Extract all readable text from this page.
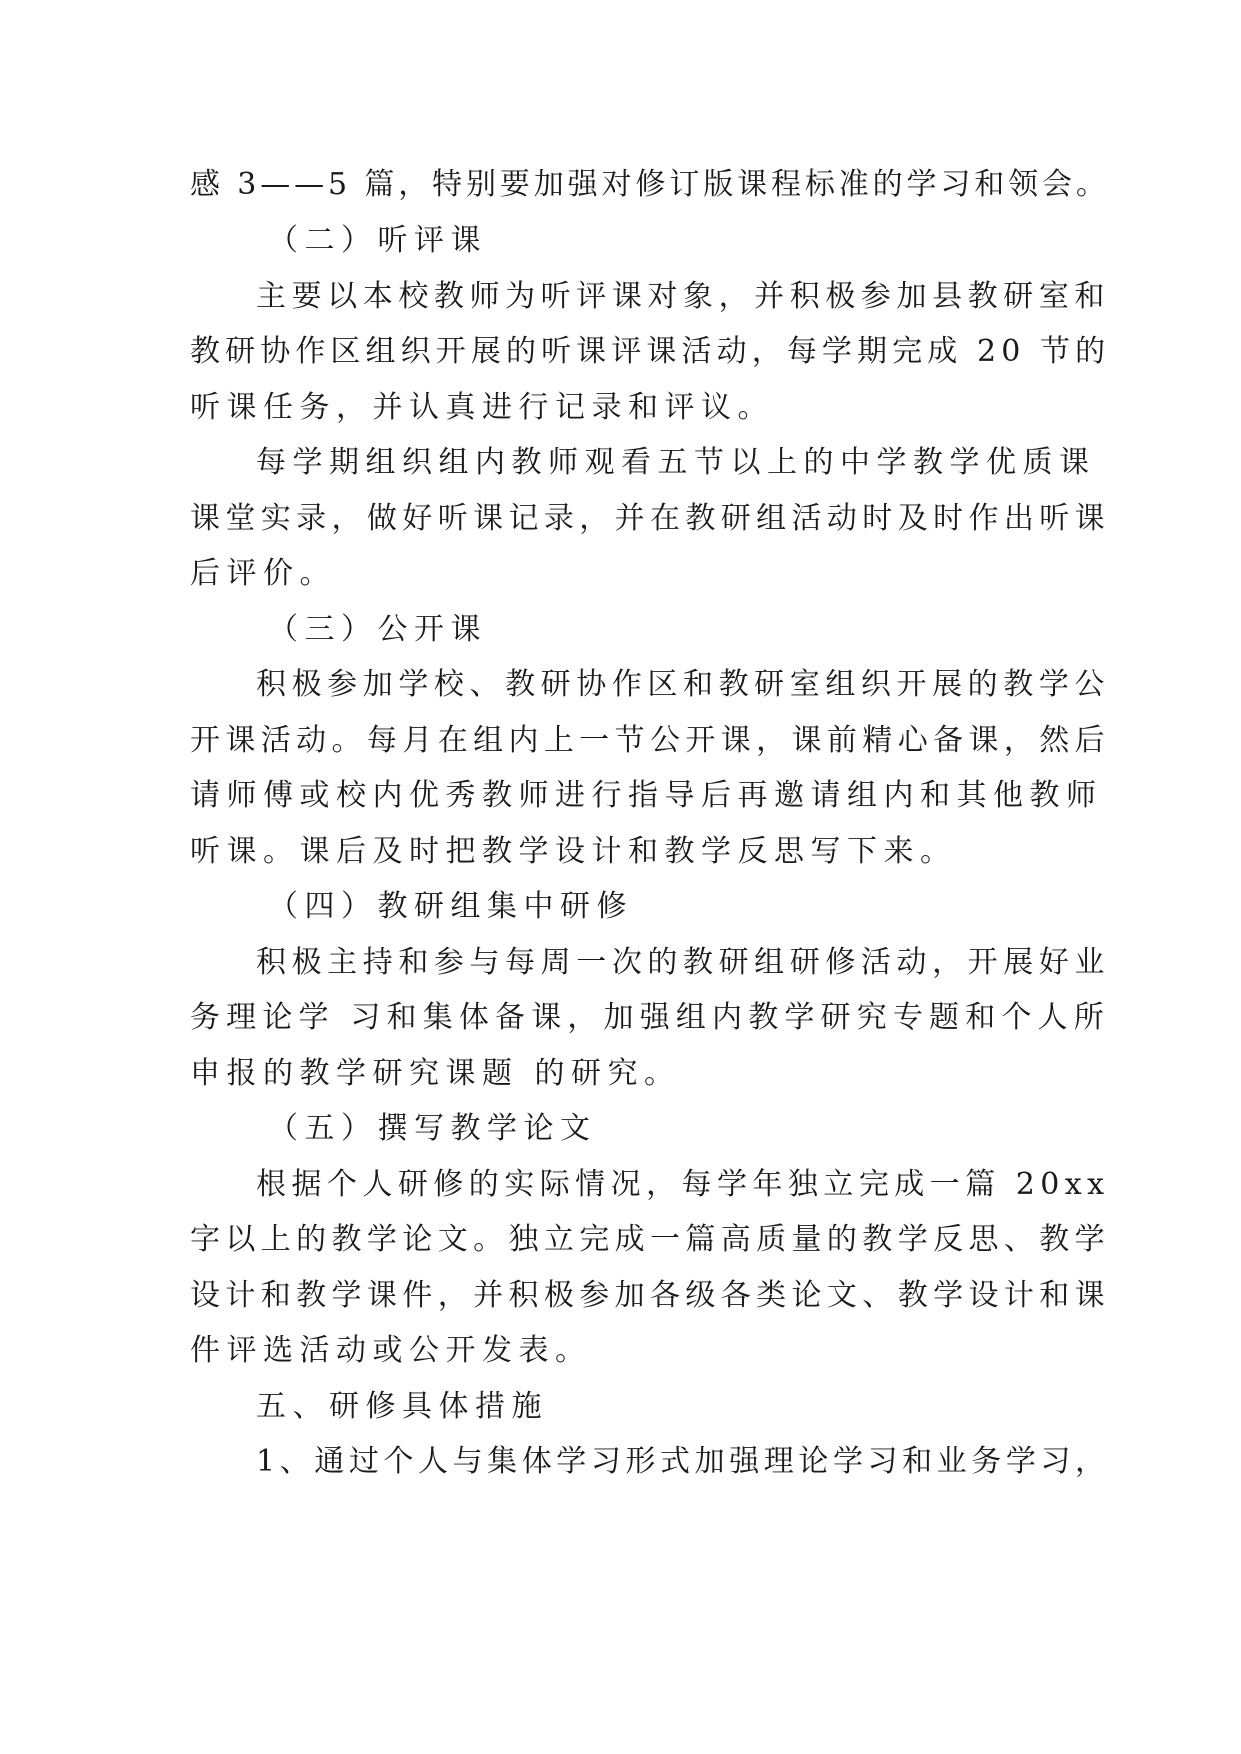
感 3——5 篇，特别要加强对修订版课程标准的学习和领会。

（二）听评课

主要以本校教师为听评课对象，并积极参加县教研室和

教研协作区组织开展的听课评课活动，每学期完成 20 节的

听课任务，并认真进行记录和评议。

每学期组织组内教师观看五节以上的中学教学优质课

课堂实录，做好听课记录，并在教研组活动时及时作出听课

后评价。

（三）公开课

积极参加学校、教研协作区和教研室组织开展的教学公

开课活动。每月在组内上一节公开课，课前精心备课，然后

请师傅或校内优秀教师进行指导后再邀请组内和其他教师

听课。课后及时把教学设计和教学反思写下来。

（四）教研组集中研修

积极主持和参与每周一次的教研组研修活动，开展好业

务理论学 习和集体备课，加强组内教学研究专题和个人所

申报的教学研究课题 的研究。

（五）撰写教学论文

根据个人研修的实际情况，每学年独立完成一篇 20xx

字以上的教学论文。独立完成一篇高质量的教学反思、教学

设计和教学课件，并积极参加各级各类论文、教学设计和课

件评选活动或公开发表。

五、研修具体措施

1、通过个人与集体学习形式加强理论学习和业务学习，
